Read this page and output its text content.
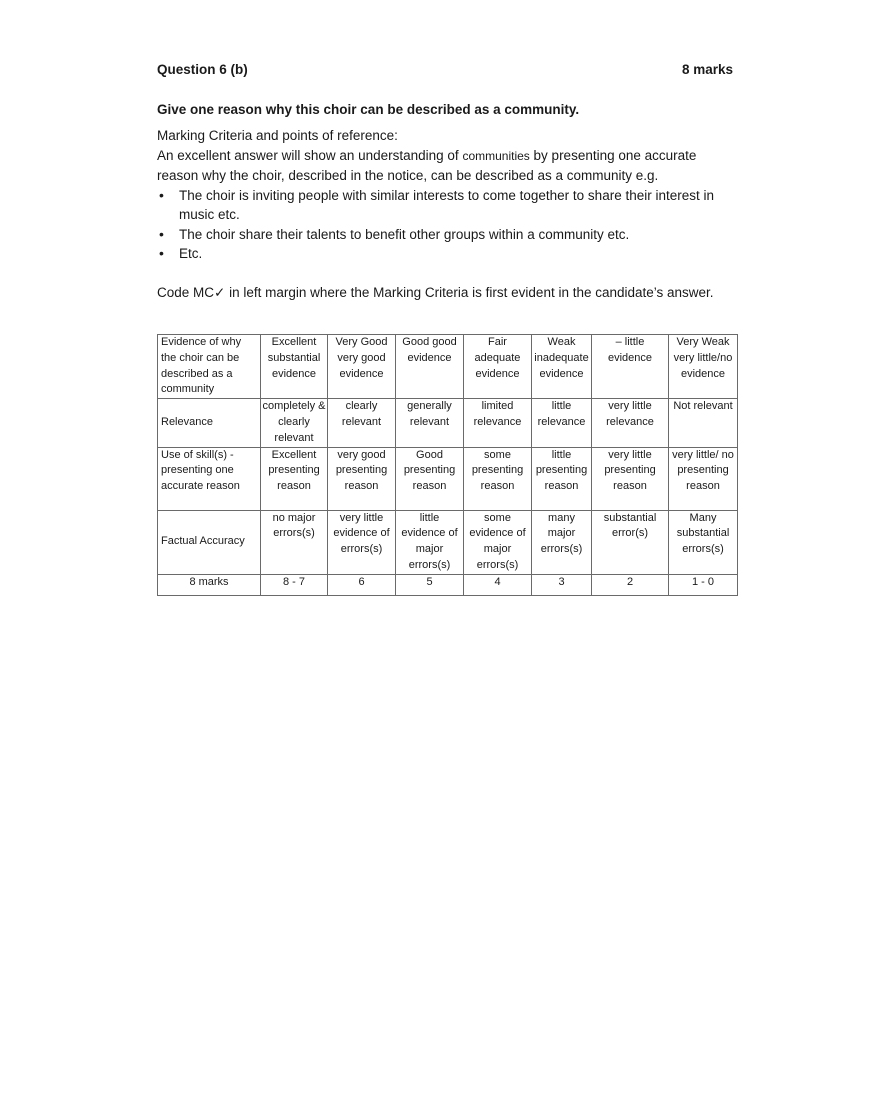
Question 6 (b)	8 marks
Give one reason why this choir can be described as a community.
Marking Criteria and points of reference:
An excellent answer will show an understanding of communities by presenting one accurate reason why the choir, described in the notice, can be described as a community e.g.
• The choir is inviting people with similar interests to come together to share their interest in music etc.
• The choir share their talents to benefit other groups within a community etc.
• Etc.
Code MC✓ in left margin where the Marking Criteria is first evident in the candidate’s answer.
Evidence of why the choir can be described as a community	Excellent substantial evidence	Very Good very good evidence	Good good evidence	Fair adequate evidence	Weak inadequate evidence	– little evidence	Very Weak very little/no evidence
Relevance	completely & clearly relevant	clearly relevant	generally relevant	limited relevance	little relevance	very little relevance	Not relevant
Use of skill(s) - presenting one accurate reason	Excellent presenting reason	very good presenting reason	Good presenting reason	some presenting reason	little presenting reason	very little presenting reason	very little/ no presenting reason
Factual Accuracy	no major errors(s)	very little evidence of errors(s)	little evidence of major errors(s)	some evidence of major errors(s)	many major errors(s)	substantial error(s)	Many substantial errors(s)
8 marks	8 - 7	6	5	4	3	2	1 - 0
